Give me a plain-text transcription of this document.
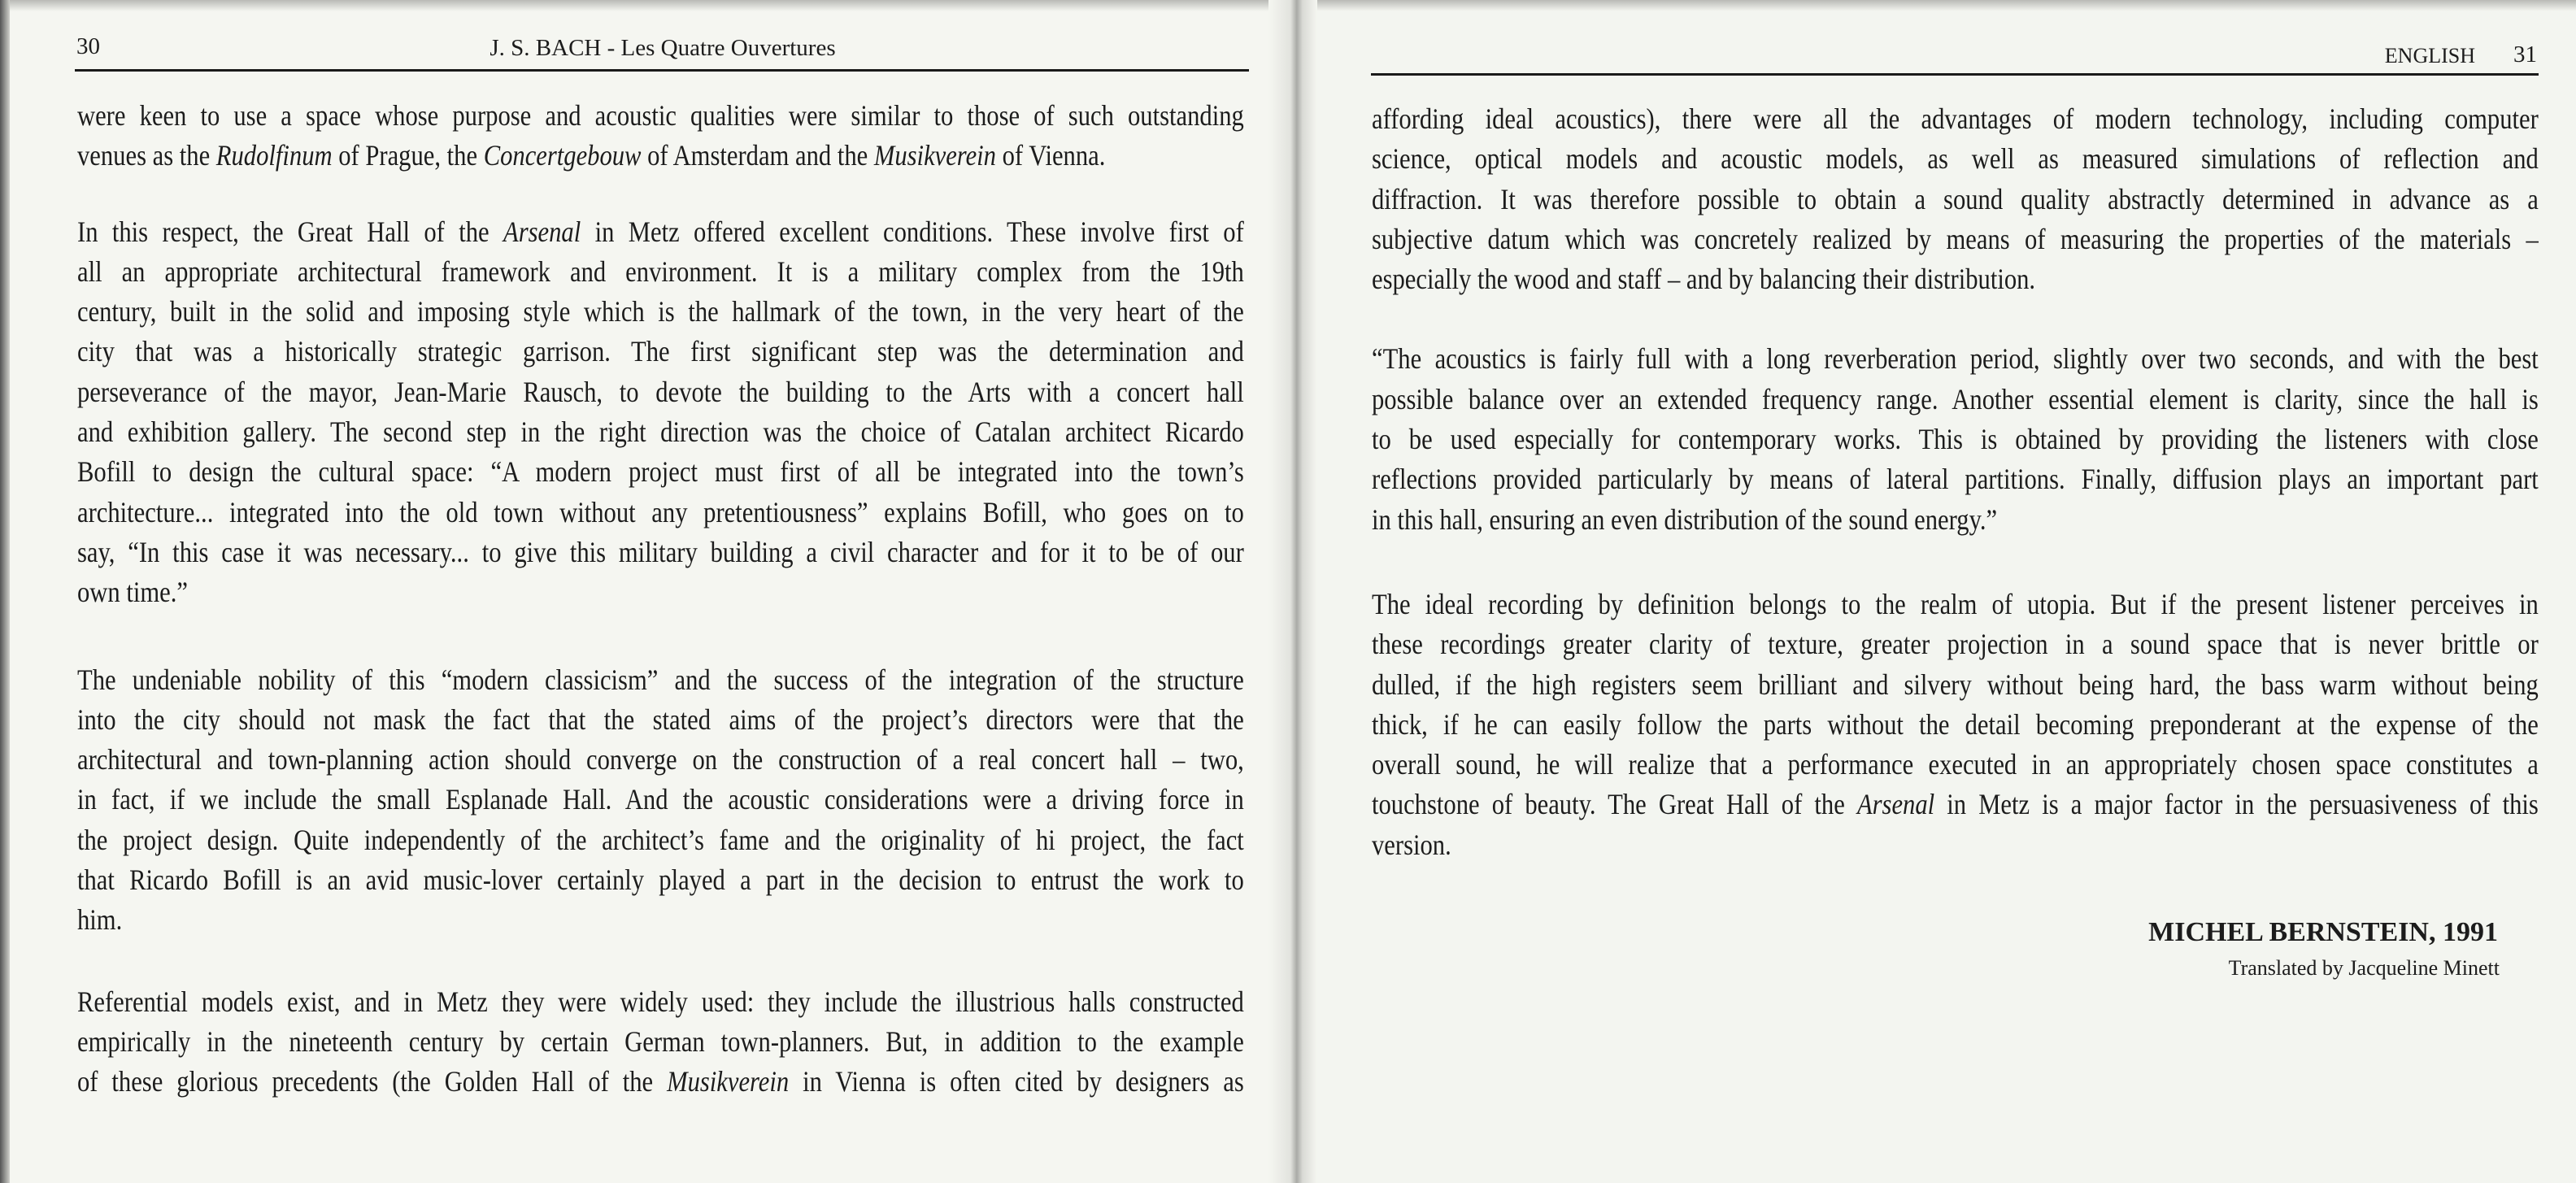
30	J. S. BACH - Les Quatre Ouvertures	ENGLISH 31
were keen to use a space whose purpose and acoustic qualities were similar to those of such outstanding
venues as the Rudolfinum of Prague, the Concertgebouw of Amsterdam and the Musikverein of Vienna.
In this respect, the Great Hall of the Arsenal in Metz offered excellent conditions. These involve first of
all an appropriate architectural framework and environment. It is a military complex from the 19th
century, built in the solid and imposing style which is the hallmark of the town, in the very heart of the
city that was a historically strategic garrison. The first significant step was the determination and
perseverance of the mayor, Jean-Marie Rausch, to devote the building to the Arts with a concert hall
and exhibition gallery. The second step in the right direction was the choice of Catalan architect Ricardo
Bofill to design the cultural space: “A modern project must first of all be integrated into the town’s
architecture... integrated into the old town without any pretentiousness” explains Bofill, who goes on to
say, “In this case it was necessary... to give this military building a civil character and for it to be of our
own time.”
The undeniable nobility of this “modern classicism” and the success of the integration of the structure
into the city should not mask the fact that the stated aims of the project’s directors were that the
architectural and town-planning action should converge on the construction of a real concert hall – two,
in fact, if we include the small Esplanade Hall. And the acoustic considerations were a driving force in
the project design. Quite independently of the architect’s fame and the originality of hi project, the fact
that Ricardo Bofill is an avid music-lover certainly played a part in the decision to entrust the work to
him.
Referential models exist, and in Metz they were widely used: they include the illustrious halls constructed
empirically in the nineteenth century by certain German town-planners. But, in addition to the example
of these glorious precedents (the Golden Hall of the Musikverein in Vienna is often cited by designers as
affording ideal acoustics), there were all the advantages of modern technology, including computer
science, optical models and acoustic models, as well as measured simulations of reflection and
diffraction. It was therefore possible to obtain a sound quality abstractly determined in advance as a
subjective datum which was concretely realized by means of measuring the properties of the materials –
especially the wood and staff – and by balancing their distribution.
“The acoustics is fairly full with a long reverberation period, slightly over two seconds, and with the best
possible balance over an extended frequency range. Another essential element is clarity, since the hall is
to be used especially for contemporary works. This is obtained by providing the listeners with close
reflections provided particularly by means of lateral partitions. Finally, diffusion plays an important part
in this hall, ensuring an even distribution of the sound energy.”
The ideal recording by definition belongs to the realm of utopia. But if the present listener perceives in
these recordings greater clarity of texture, greater projection in a sound space that is never brittle or
dulled, if the high registers seem brilliant and silvery without being hard, the bass warm without being
thick, if he can easily follow the parts without the detail becoming preponderant at the expense of the
overall sound, he will realize that a performance executed in an appropriately chosen space constitutes a
touchstone of beauty. The Great Hall of the Arsenal in Metz is a major factor in the persuasiveness of this
version.
MICHEL BERNSTEIN, 1991
Translated by Jacqueline Minett
